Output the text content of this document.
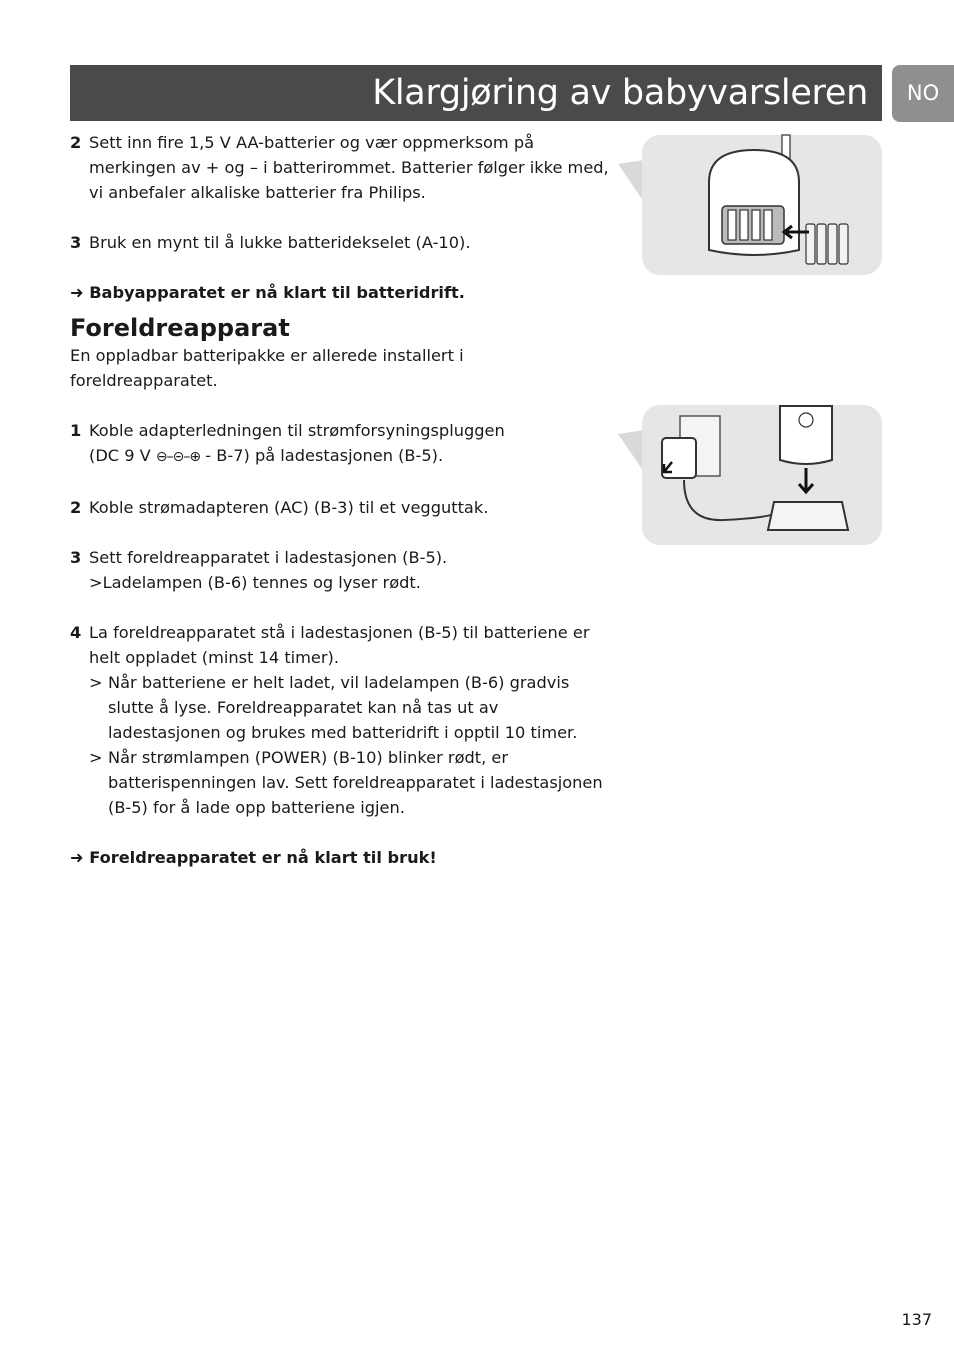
Klargjøring av babyvarsleren	NO
2 Sett inn fire 1,5 V AA-batterier og vær oppmerksom på merkingen av + og – i batterirommet. Batterier følger ikke med, vi anbefaler alkaliske batterier fra Philips.
3 Bruk en mynt til å lukke batteridekselet (A-10).
➜ Babyapparatet er nå klart til batteridrift.
Foreldreapparat
En oppladbar batteripakke er allerede installert i foreldreapparatet.
1 Koble adapterledningen til strømforsyningspluggen
(DC 9 V ⊖–⊝–⊕ - B-7) på ladestasjonen (B-5).
2 Koble strømadapteren (AC) (B-3) til et vegguttak.
3 Sett foreldreapparatet i ladestasjonen (B-5).
>Ladelampen (B-6) tennes og lyser rødt.
4 La foreldreapparatet stå i ladestasjonen (B-5) til batteriene er helt oppladet (minst 14 timer).
> Når batteriene er helt ladet, vil ladelampen (B-6) gradvis slutte å lyse. Foreldreapparatet kan nå tas ut av ladestasjonen og brukes med batteridrift i opptil 10 timer.
> Når strømlampen (POWER) (B-10) blinker rødt, er batterispenningen lav. Sett foreldreapparatet i ladestasjonen (B-5) for å lade opp batteriene igjen.
➜ Foreldreapparatet er nå klart til bruk!
137
